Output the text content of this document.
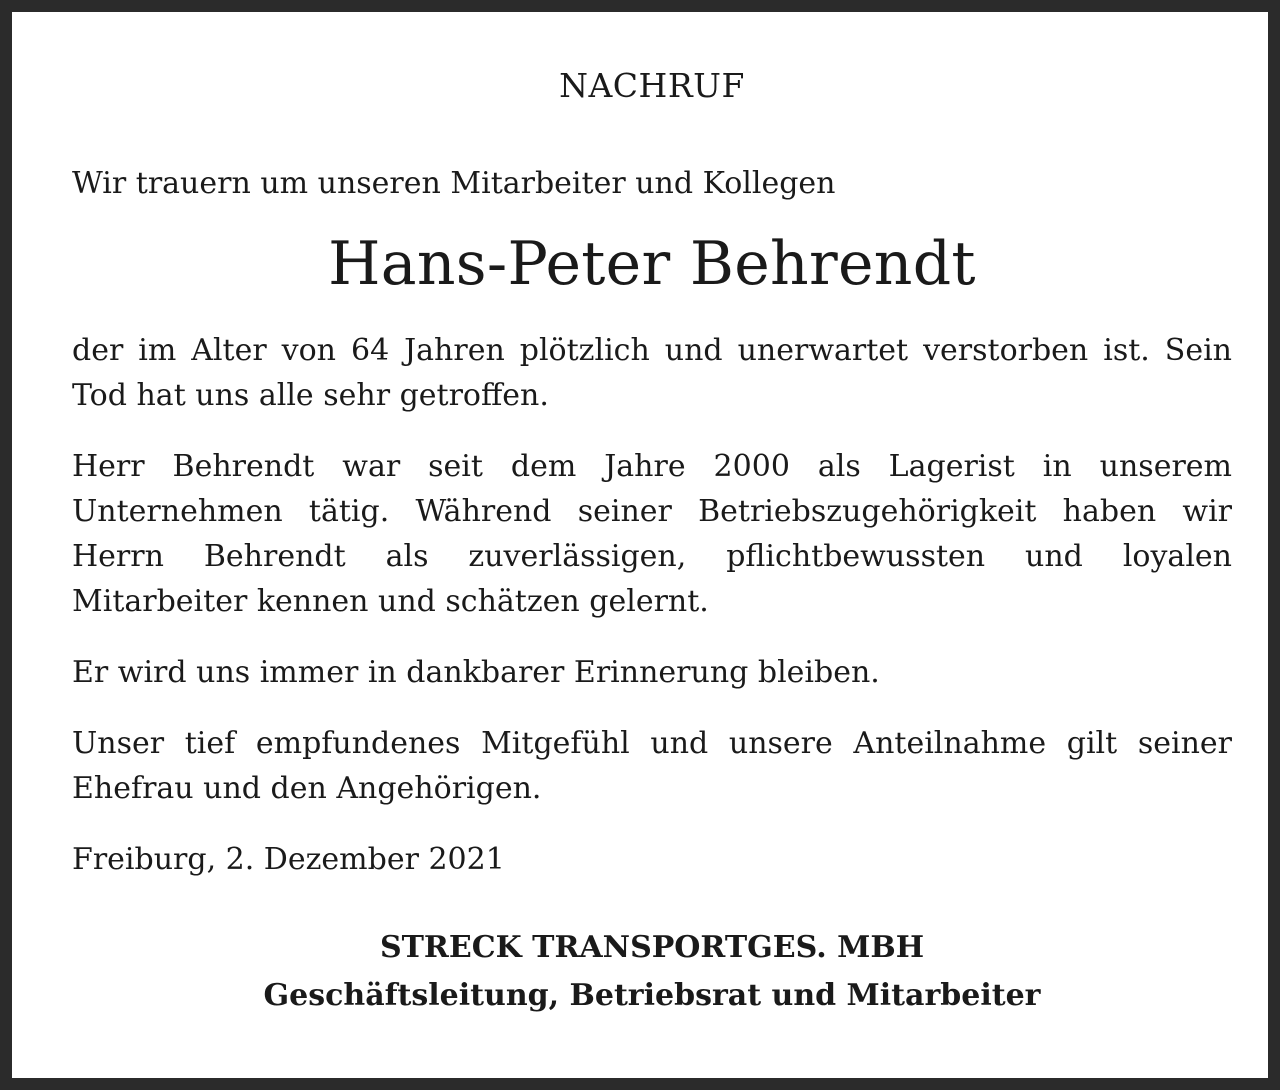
NACHRUF
Wir trauern um unseren Mitarbeiter und Kollegen
Hans-Peter Behrendt

der im Alter von 64 Jahren plötzlich und unerwartet verstorben ist. Sein Tod hat uns alle sehr getroffen.

Herr Behrendt war seit dem Jahre 2000 als Lagerist in unserem Unternehmen tätig. Während seiner Betriebszugehörigkeit haben wir Herrn Behrendt als zuverlässigen, pflichtbewussten und loyalen Mitarbeiter kennen und schätzen gelernt.

Er wird uns immer in dankbarer Erinnerung bleiben.

Unser tief empfundenes Mitgefühl und unsere Anteilnahme gilt seiner Ehefrau und den Angehörigen.

Freiburg, 2. Dezember 2021
STRECK TRANSPORTGES. MBH
Geschäftsleitung, Betriebsrat und Mitarbeiter
